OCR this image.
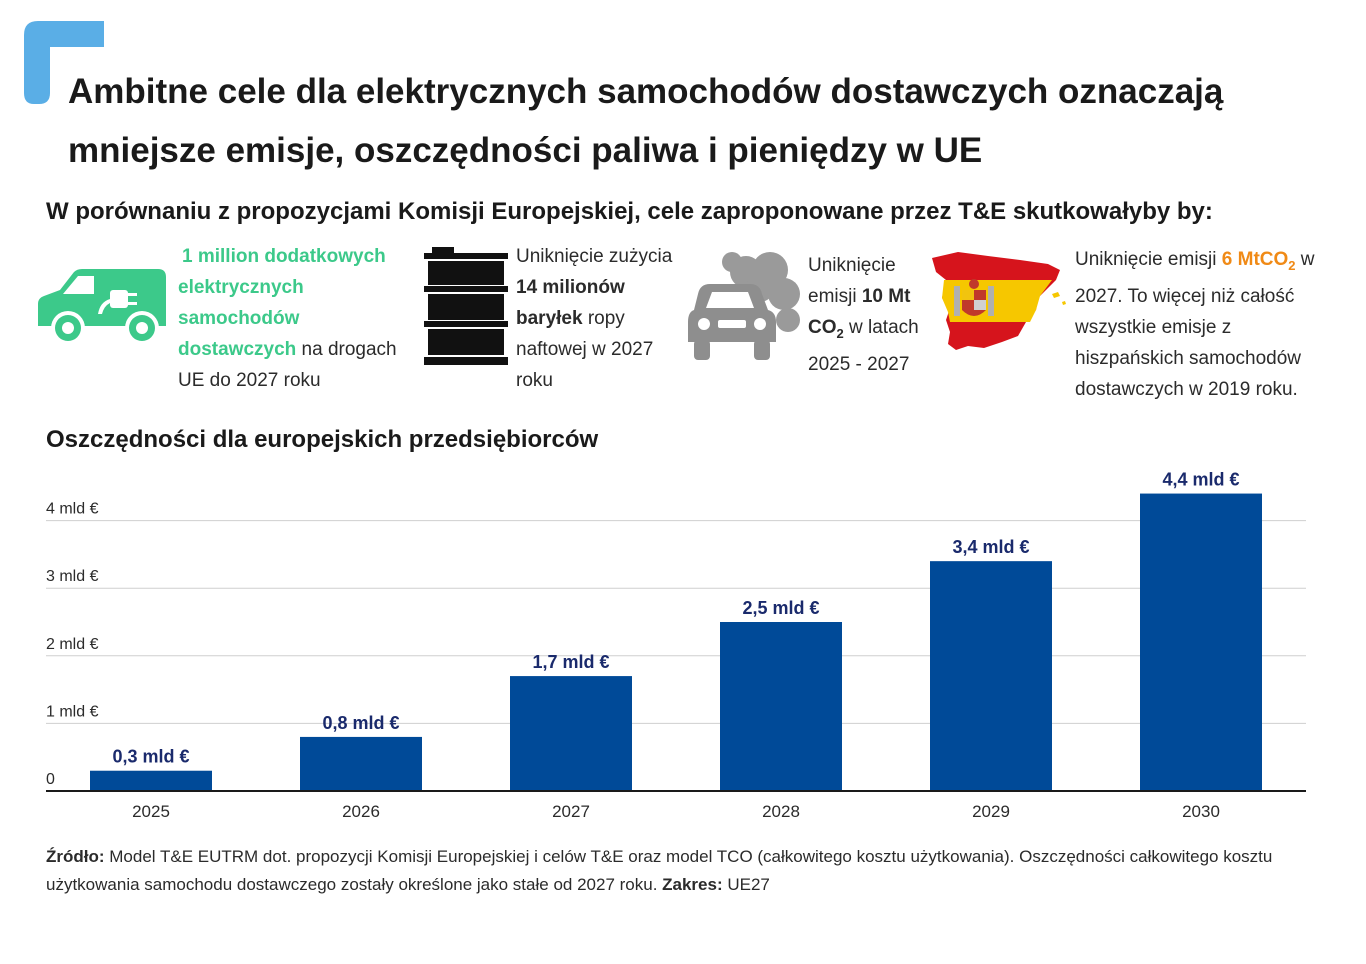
Ambitne cele dla elektrycznych samochodów dostawczych oznaczają mniejsze emisje, oszczędności paliwa i pieniędzy w UE
W porównaniu z propozycjami Komisji Europejskiej, cele zaproponowane przez T&E skutkowałyby by:
1 million dodatkowych elektrycznych samochodów dostawczych na drogach UE do 2027 roku
Uniknięcie zużycia 14 milionów baryłek ropy naftowej w 2027 roku
Uniknięcie emisji 10 Mt $CO_2$ w latach 2025 - 2027
Uniknięcie emisji 6 MtCO$_2$ w 2027. To więcej niż całość wszystkie emisje z hiszpańskich samochodów dostawczych w 2019 roku.
Oszczędności dla europejskich przedsiębiorców
0
1 mld €
2 mld €
3 mld €
4 mld €
0,3 mld €
2025
0,8 mld €
2026
1,7 mld €
2027
2,5 mld €
2028
3,4 mld €
2029
4,4 mld €
2030
Źródło: Model T&E EUTRM dot. propozycji Komisji Europejskiej i celów T&E oraz model TCO (całkowitego kosztu użytkowania). Oszczędności całkowitego kosztu użytkowania samochodu dostawczego zostały określone jako stałe od 2027 roku. Zakres: UE27
